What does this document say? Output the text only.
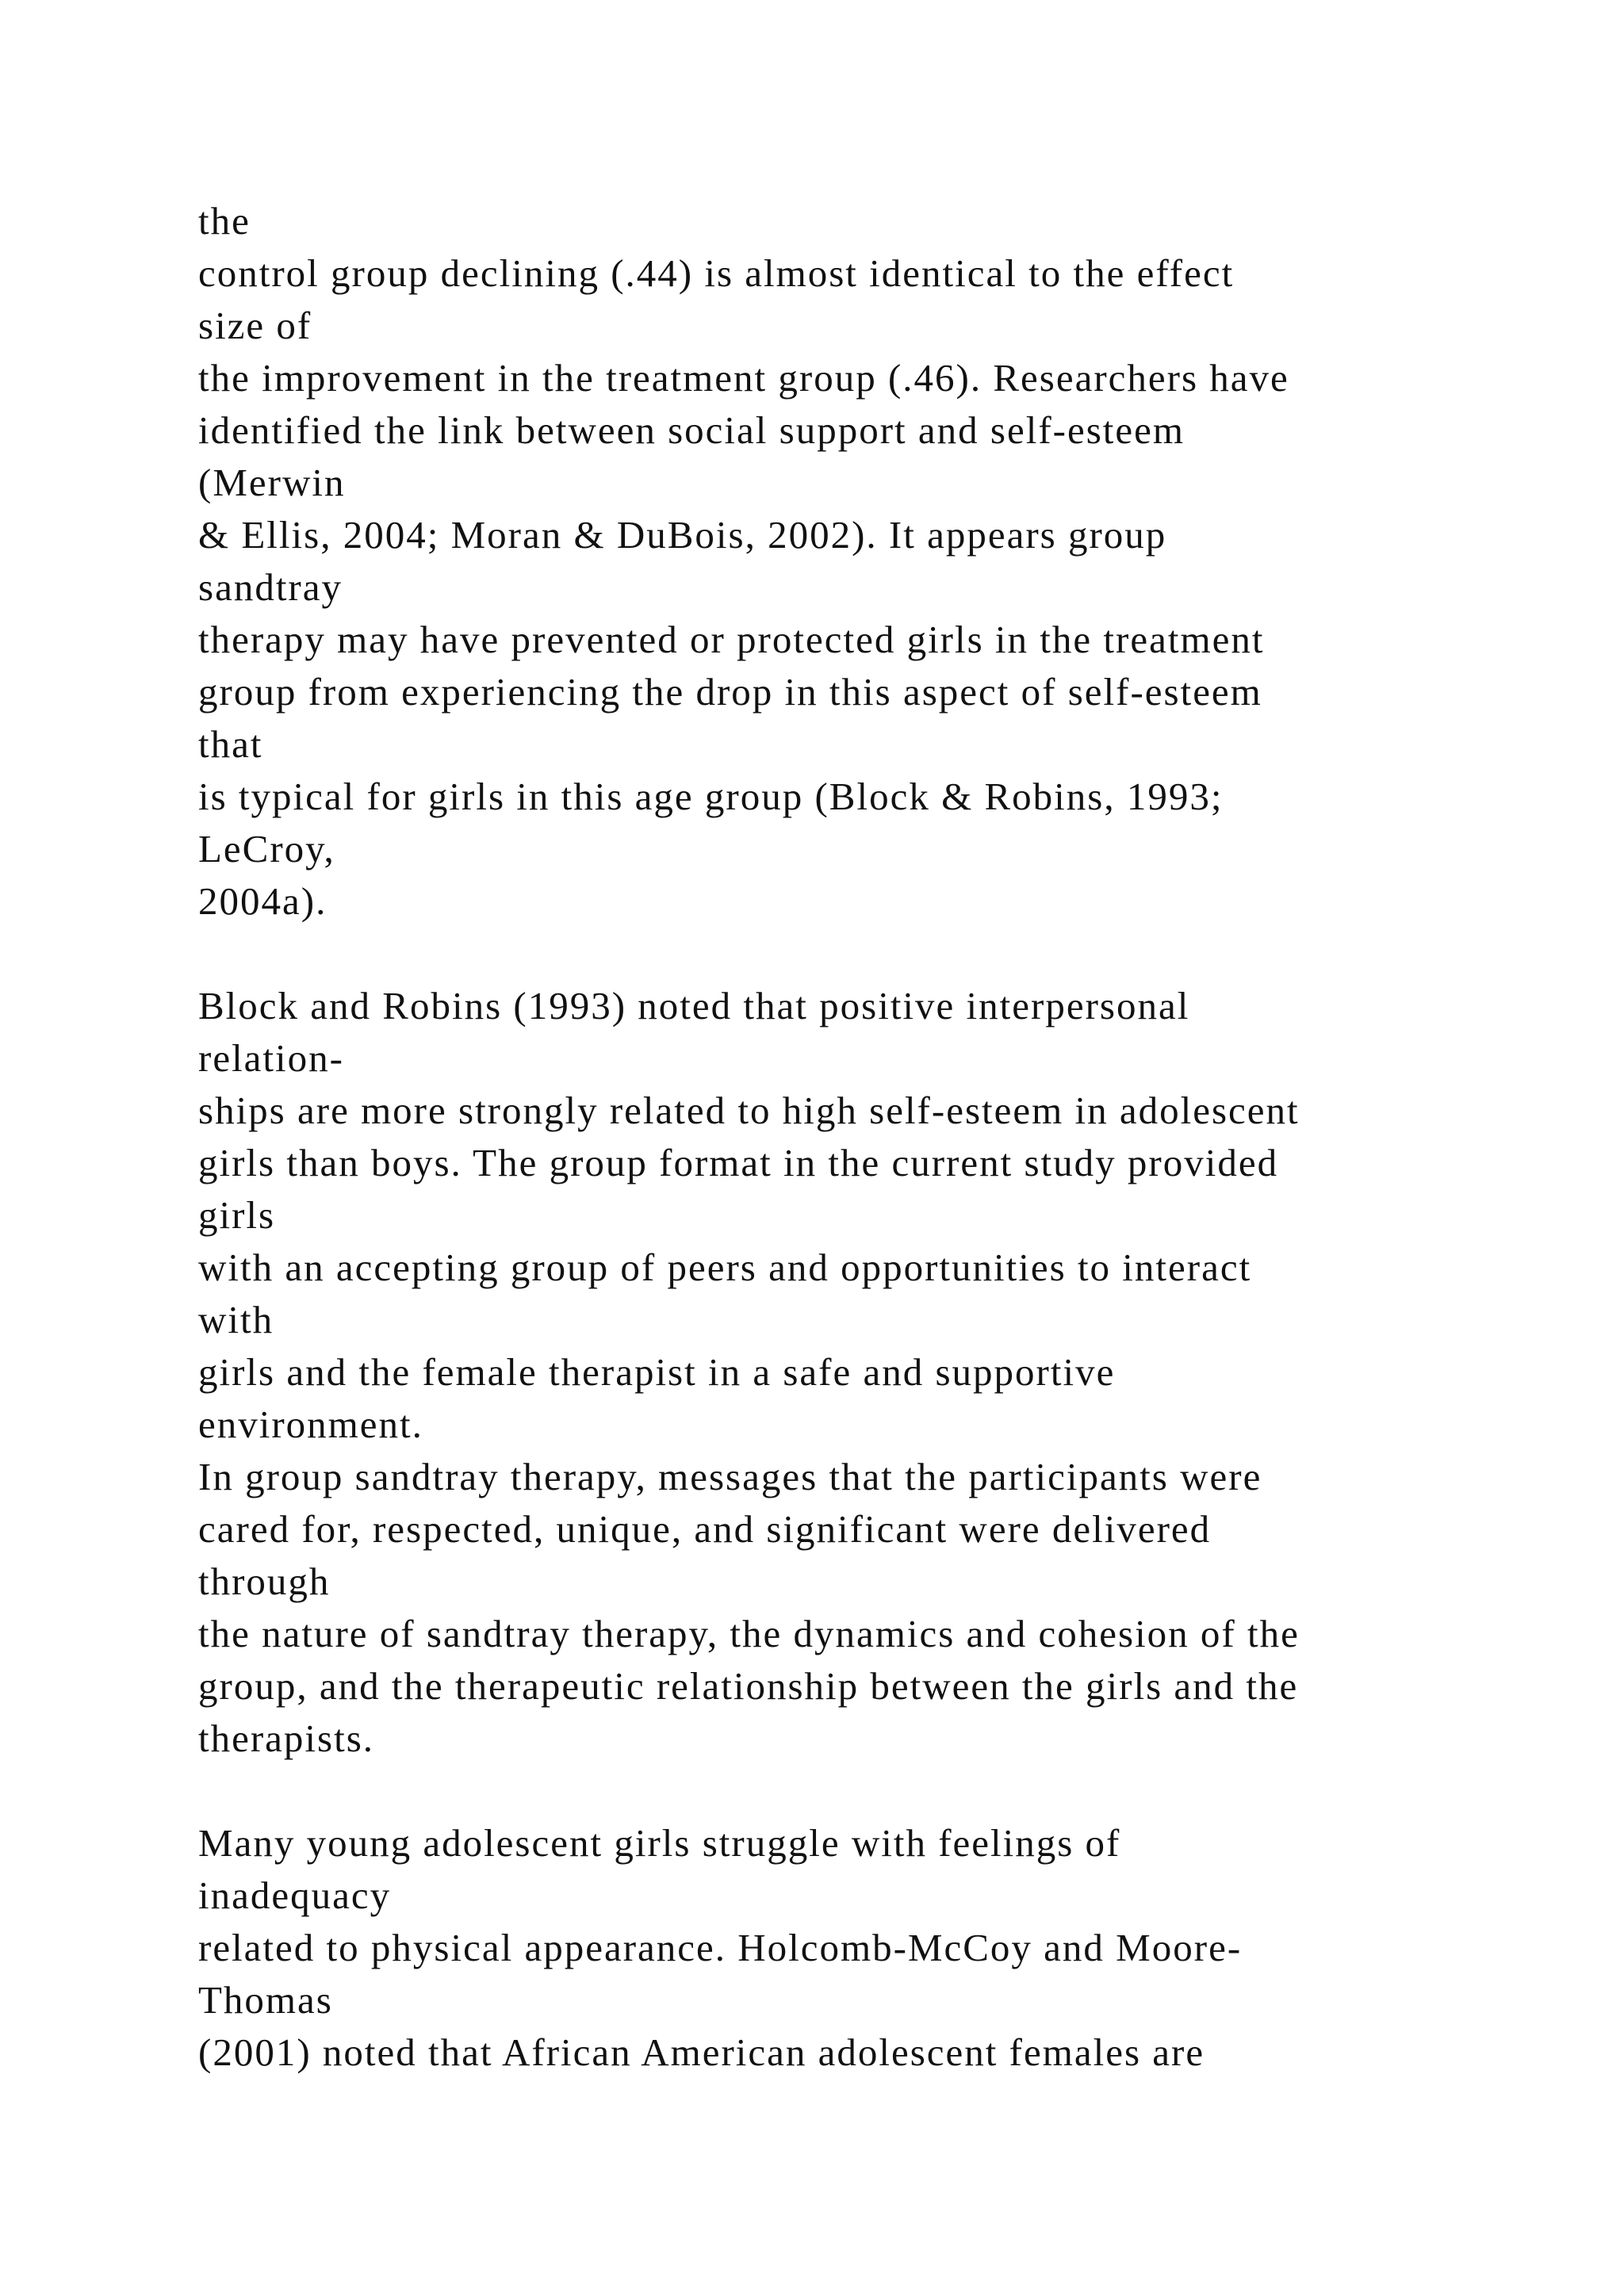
the
control group declining (.44) is almost identical to the effect
size of
the improvement in the treatment group (.46). Researchers have
identified the link between social support and self-esteem
(Merwin
& Ellis, 2004; Moran & DuBois, 2002). It appears group
sandtray
therapy may have prevented or protected girls in the treatment
group from experiencing the drop in this aspect of self-esteem
that
is typical for girls in this age group (Block & Robins, 1993;
LeCroy,
2004a).
Block and Robins (1993) noted that positive interpersonal
relation-
ships are more strongly related to high self-esteem in adolescent
girls than boys. The group format in the current study provided
girls
with an accepting group of peers and opportunities to interact
with
girls and the female therapist in a safe and supportive
environment.
In group sandtray therapy, messages that the participants were
cared for, respected, unique, and significant were delivered
through
the nature of sandtray therapy, the dynamics and cohesion of the
group, and the therapeutic relationship between the girls and the
therapists.
Many young adolescent girls struggle with feelings of
inadequacy
related to physical appearance. Holcomb-McCoy and Moore-
Thomas
(2001) noted that African American adolescent females are
